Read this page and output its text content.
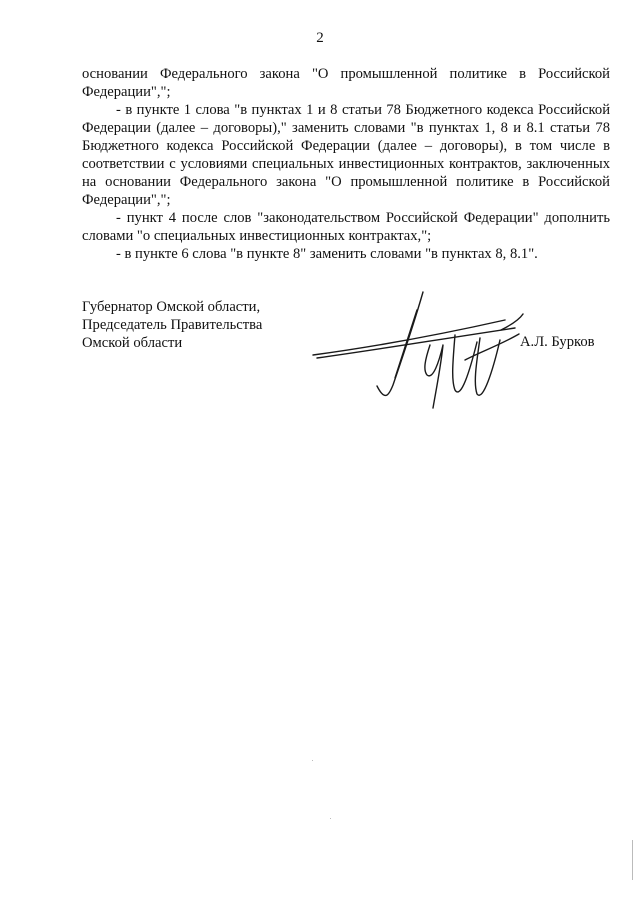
2

основании Федерального закона "О промышленной политике в Российской Федерации",";

- в пункте 1 слова "в пунктах 1 и 8 статьи 78 Бюджетного кодекса Российской Федерации (далее – договоры)," заменить словами "в пунктах 1, 8 и 8.1 статьи 78 Бюджетного кодекса Российской Федерации (далее – договоры), в том числе в соответствии с условиями специальных инвестиционных контрактов, заключенных на основании Федерального закона "О промышленной политике в Российской Федерации",";

- пункт 4 после слов "законодательством Российской Федерации" дополнить словами "о специальных инвестиционных контрактах,";

- в пункте 6 слова "в пункте 8" заменить словами "в пунктах 8, 8.1".

Губернатор Омской области,
Председатель Правительства
Омской области	А.Л. Бурков
